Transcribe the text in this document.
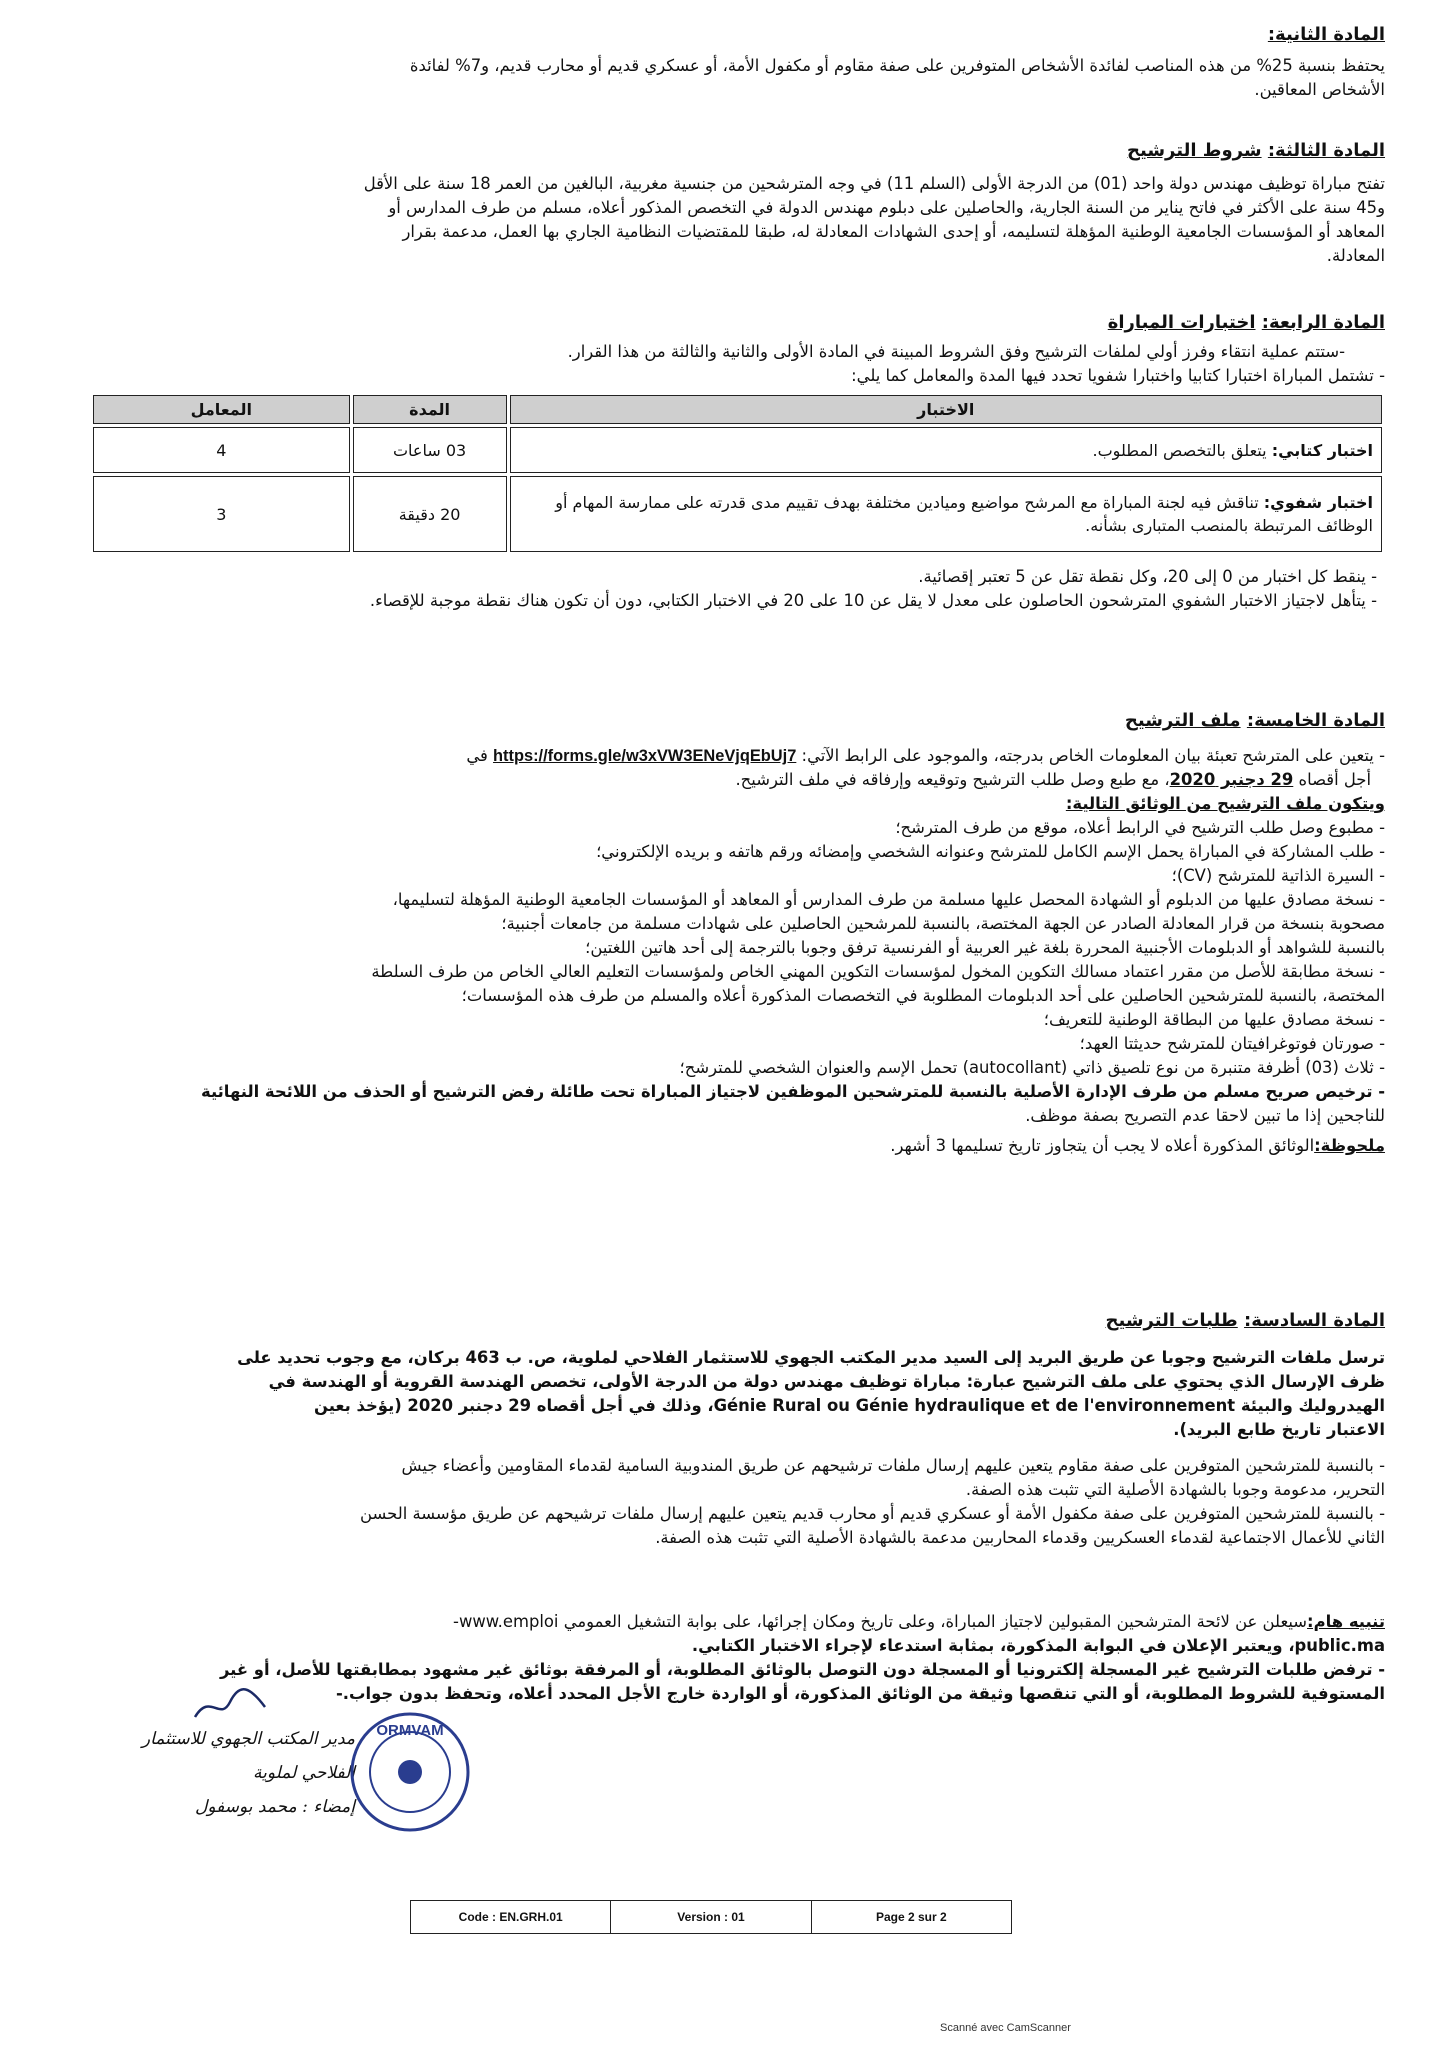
المادة الثانية:

يحتفظ بنسبة 25% من هذه المناصب لفائدة الأشخاص المتوفرين على صفة مقاوم أو مكفول الأمة، أو عسكري قديم أو محارب قديم، و7% لفائدة
الأشخاص المعاقين.

المادة الثالثة: شروط الترشيح

تفتح مباراة توظيف مهندس دولة واحد (01) من الدرجة الأولى (السلم 11) في وجه المترشحين من جنسية مغربية، البالغين من العمر 18 سنة على الأقل
و45 سنة على الأكثر في فاتح يناير من السنة الجارية، والحاصلين على دبلوم مهندس الدولة في التخصص المذكور أعلاه، مسلم من طرف المدارس أو
المعاهد أو المؤسسات الجامعية الوطنية المؤهلة لتسليمه، أو إحدى الشهادات المعادلة له، طبقا للمقتضيات النظامية الجاري بها العمل، مدعمة بقرار
المعادلة.

المادة الرابعة: اختبارات المباراة

-ستتم عملية انتقاء وفرز أولي لملفات الترشيح وفق الشروط المبينة في المادة الأولى والثانية والثالثة من هذا القرار.
- تشتمل المباراة اختبارا كتابيا واختبارا شفويا تحدد فيها المدة والمعامل كما يلي:
الاختبار	المدة	المعامل
اختبار كتابي: يتعلق بالتخصص المطلوب.	03 ساعات	4
اختبار شفوي: تناقش فيه لجنة المباراة مع المرشح مواضيع وميادين مختلفة بهدف تقييم مدى قدرته على ممارسة المهام أو الوظائف المرتبطة بالمنصب المتبارى بشأنه.	20 دقيقة	3
- ينقط كل اختبار من 0 إلى 20، وكل نقطة تقل عن 5 تعتبر إقصائية.
- يتأهل لاجتياز الاختبار الشفوي المترشحون الحاصلون على معدل لا يقل عن 10 على 20 في الاختبار الكتابي، دون أن تكون هناك نقطة موجبة للإقصاء.

المادة الخامسة: ملف الترشيح

- يتعين على المترشح تعبئة بيان المعلومات الخاص بدرجته، والموجود على الرابط الآتي: https://forms.gle/w3xVW3ENeVjqEbUj7 في
أجل أقصاه 29 دجنبر 2020، مع طبع وصل طلب الترشيح وتوقيعه وإرفاقه في ملف الترشيح.
ويتكون ملف الترشيح من الوثائق التالية:
- مطبوع وصل طلب الترشيح في الرابط أعلاه، موقع من طرف المترشح؛
- طلب المشاركة في المباراة يحمل الإسم الكامل للمترشح وعنوانه الشخصي وإمضائه ورقم هاتفه و بريده الإلكتروني؛
- السيرة الذاتية للمترشح (CV)؛
- نسخة مصادق عليها من الدبلوم أو الشهادة المحصل عليها مسلمة من طرف المدارس أو المعاهد أو المؤسسات الجامعية الوطنية المؤهلة لتسليمها،
مصحوبة بنسخة من قرار المعادلة الصادر عن الجهة المختصة، بالنسبة للمرشحين الحاصلين على شهادات مسلمة من جامعات أجنبية؛
بالنسبة للشواهد أو الدبلومات الأجنبية المحررة بلغة غير العربية أو الفرنسية ترفق وجوبا بالترجمة إلى أحد هاتين اللغتين؛
- نسخة مطابقة للأصل من مقرر اعتماد مسالك التكوين المخول لمؤسسات التكوين المهني الخاص ولمؤسسات التعليم العالي الخاص من طرف السلطة
المختصة، بالنسبة للمترشحين الحاصلين على أحد الدبلومات المطلوبة في التخصصات المذكورة أعلاه والمسلم من طرف هذه المؤسسات؛
- نسخة مصادق عليها من البطاقة الوطنية للتعريف؛
- صورتان فوتوغرافيتان للمترشح حديثتا العهد؛
- ثلاث (03) أظرفة متنبرة من نوع تلصيق ذاتي (autocollant) تحمل الإسم والعنوان الشخصي للمترشح؛
- ترخيص صريح مسلم من طرف الإدارة الأصلية بالنسبة للمترشحين الموظفين لاجتياز المباراة تحت طائلة رفض الترشيح أو الحذف من اللائحة النهائية
للناجحين إذا ما تبين لاحقا عدم التصريح بصفة موظف.
ملحوظة:الوثائق المذكورة أعلاه لا يجب أن يتجاوز تاريخ تسليمها 3 أشهر.

المادة السادسة: طلبات الترشيح

ترسل ملفات الترشيح وجوبا عن طريق البريد إلى السيد مدير المكتب الجهوي للاستثمار الفلاحي لملوية، ص. ب 463 بركان، مع وجوب تحديد على
ظرف الإرسال الذي يحتوي على ملف الترشيح عبارة: مباراة توظيف مهندس دولة من الدرجة الأولى، تخصص الهندسة القروية أو الهندسة في
الهيدروليك والبيئة Génie Rural ou Génie hydraulique et de l'environnement، وذلك في أجل أقصاه 29 دجنبر 2020 (يؤخذ بعين
الاعتبار تاريخ طابع البريد).
- بالنسبة للمترشحين المتوفرين على صفة مقاوم يتعين عليهم إرسال ملفات ترشيحهم عن طريق المندوبية السامية لقدماء المقاومين وأعضاء جيش
التحرير، مدعومة وجوبا بالشهادة الأصلية التي تثبت هذه الصفة.
- بالنسبة للمترشحين المتوفرين على صفة مكفول الأمة أو عسكري قديم أو محارب قديم يتعين عليهم إرسال ملفات ترشيحهم عن طريق مؤسسة الحسن
الثاني للأعمال الاجتماعية لقدماء العسكريين وقدماء المحاربين مدعمة بالشهادة الأصلية التي تثبت هذه الصفة.
تنبيه هام:سيعلن عن لائحة المترشحين المقبولين لاجتياز المباراة، وعلى تاريخ ومكان إجرائها، على بوابة التشغيل العمومي www.emploi-
public.ma، ويعتبر الإعلان في البوابة المذكورة، بمثابة استدعاء لإجراء الاختبار الكتابي.
- ترفض طلبات الترشيح غير المسجلة إلكترونيا أو المسجلة دون التوصل بالوثائق المطلوبة، أو المرفقة بوثائق غير مشهود بمطابقتها للأصل، أو غير
المستوفية للشروط المطلوبة، أو التي تنقصها وثيقة من الوثائق المذكورة، أو الواردة خارج الأجل المحدد أعلاه، وتحفظ بدون جواب.-
مدير المكتب الجهوي للاستثمار
الفلاحي لملوية
إمضاء : محمد بوسفول
ORMVAM
Code : EN.GRH.01	Version : 01	Page 2 sur 2
Scanné avec CamScanner
